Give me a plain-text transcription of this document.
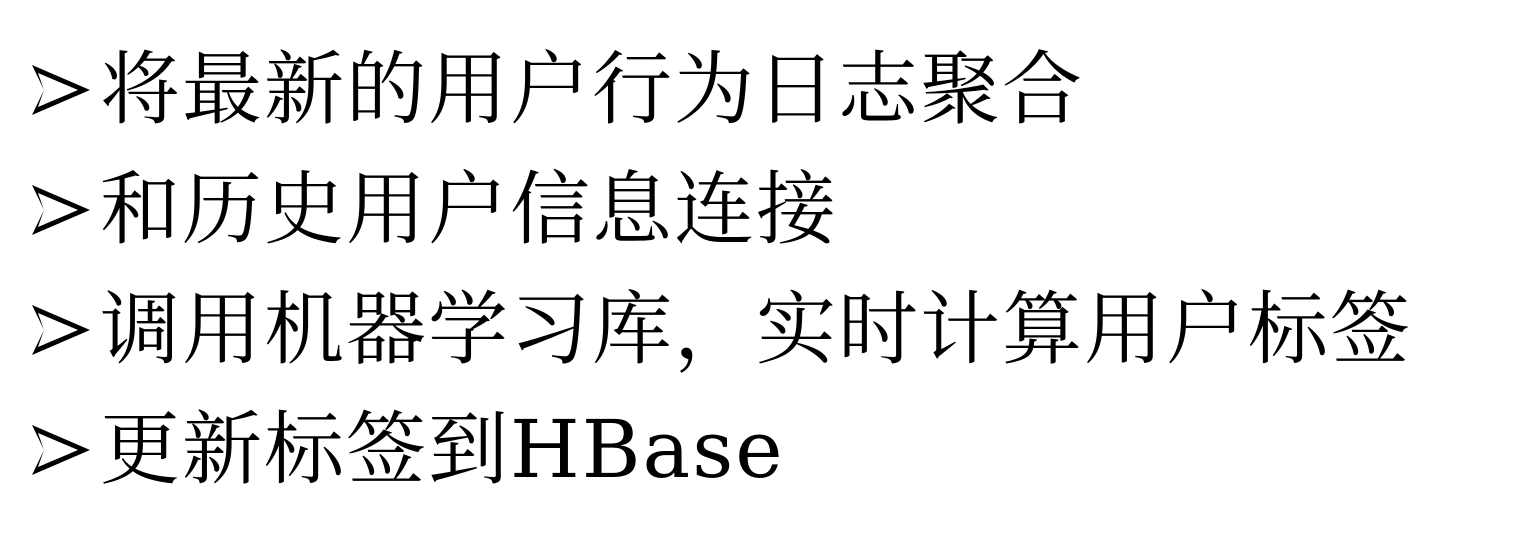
将最新的用户行为日志聚合
和历史用户信息连接
调用机器学习库，实时计算用户标签
更新标签到HBase
